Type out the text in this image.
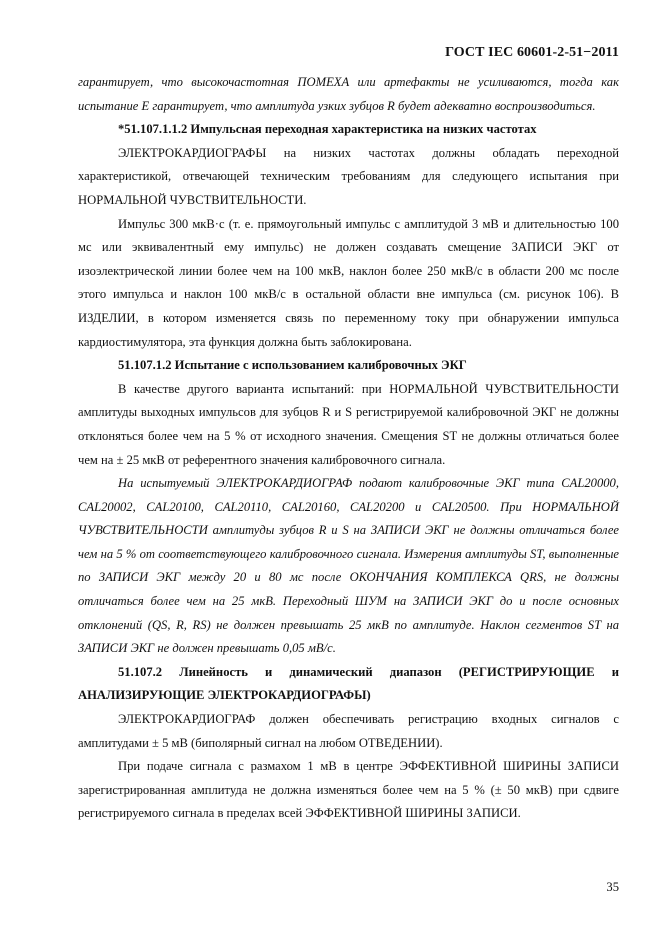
ГОСТ IEC 60601-2-51−2011

гарантирует, что высокочастотная ПОМЕХА или артефакты не усиливаются, тогда как испытание E гарантирует, что амплитуда узких зубцов R будет адекватно воспроизводиться.

*51.107.1.1.2 Импульсная переходная характеристика на низких частотах

ЭЛЕКТРОКАРДИОГРАФЫ на низких частотах должны обладать переходной характеристикой, отвечающей техническим требованиям для следующего испытания при НОРМАЛЬНОЙ ЧУВСТВИТЕЛЬНОСТИ.

Импульс 300 мкВ·с (т. е. прямоугольный импульс с амплитудой 3 мВ и длительностью 100 мс или эквивалентный ему импульс) не должен создавать смещение ЗАПИСИ ЭКГ от изоэлектрической линии более чем на 100 мкВ, наклон более 250 мкВ/с в области 200 мс после этого импульса и наклон 100 мкВ/с в остальной области вне импульса (см. рисунок 106). В ИЗДЕЛИИ, в котором изменяется связь по переменному току при обнаружении импульса кардиостимулятора, эта функция должна быть заблокирована.

51.107.1.2 Испытание с использованием калибровочных ЭКГ

В качестве другого варианта испытаний: при НОРМАЛЬНОЙ ЧУВСТВИТЕЛЬНОСТИ амплитуды выходных импульсов для зубцов R и S регистрируемой калибровочной ЭКГ не должны отклоняться более чем на 5 % от исходного значения. Смещения ST не должны отличаться более чем на ± 25 мкВ от референтного значения калибровочного сигнала.

На испытуемый ЭЛЕКТРОКАРДИОГРАФ подают калибровочные ЭКГ типа CAL20000, CAL20002, CAL20100, CAL20110, CAL20160, CAL20200 и CAL20500. При НОРМАЛЬНОЙ ЧУВСТВИТЕЛЬНОСТИ амплитуды зубцов R и S на ЗАПИСИ ЭКГ не должны отличаться более чем на 5 % от соответствующего калибровочного сигнала. Измерения амплитуды ST, выполненные по ЗАПИСИ ЭКГ между 20 и 80 мс после ОКОНЧАНИЯ КОМПЛЕКСА QRS, не должны отличаться более чем на 25 мкВ. Переходный ШУМ на ЗАПИСИ ЭКГ до и после основных отклонений (QS, R, RS) не должен превышать 25 мкВ по амплитуде. Наклон сегментов ST на ЗАПИСИ ЭКГ не должен превышать 0,05 мВ/с.

51.107.2 Линейность и динамический диапазон (РЕГИСТРИРУЮЩИЕ и АНАЛИЗИРУЮЩИЕ ЭЛЕКТРОКАРДИОГРАФЫ)

ЭЛЕКТРОКАРДИОГРАФ должен обеспечивать регистрацию входных сигналов с амплитудами ± 5 мВ (биполярный сигнал на любом ОТВЕДЕНИИ).

При подаче сигнала с размахом 1 мВ в центре ЭФФЕКТИВНОЙ ШИРИНЫ ЗАПИСИ зарегистрированная амплитуда не должна изменяться более чем на 5 % (± 50 мкВ) при сдвиге регистрируемого сигнала в пределах всей ЭФФЕКТИВНОЙ ШИРИНЫ ЗАПИСИ.

35
